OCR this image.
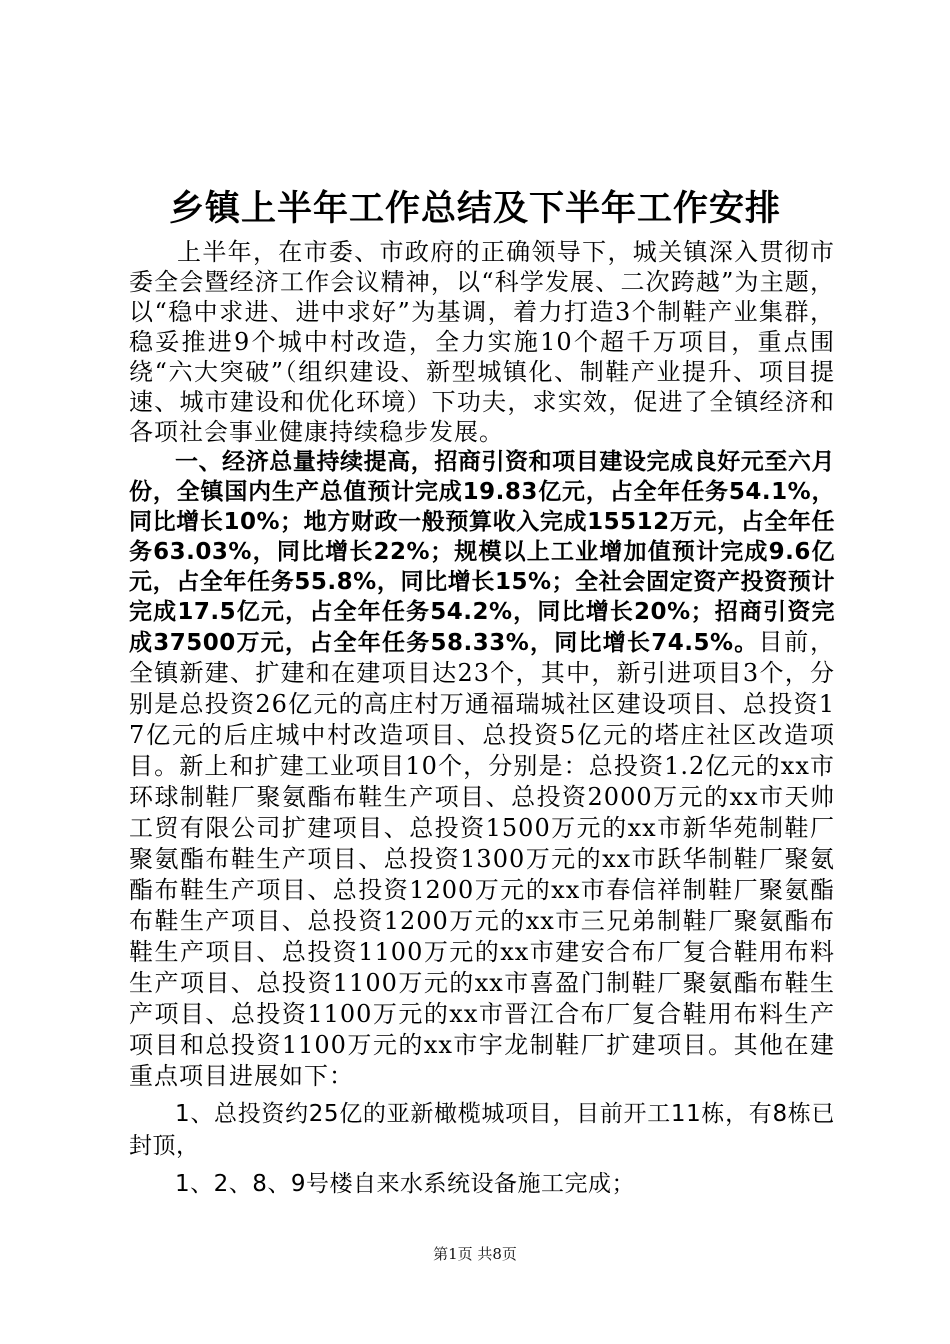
乡镇上半年工作总结及下半年工作安排

上半年，在市委、市政府的正确领导下，城关镇深入贯彻市委全会暨经济工作会议精神，以“科学发展、二次跨越”为主题，以“稳中求进、进中求好”为基调，着力打造3个制鞋产业集群，稳妥推进9个城中村改造，全力实施10个超千万项目，重点围绕“六大突破”（组织建设、新型城镇化、制鞋产业提升、项目提速、城市建设和优化环境）下功夫，求实效，促进了全镇经济和各项社会事业健康持续稳步发展。

一、经济总量持续提高，招商引资和项目建设完成良好元至六月份，全镇国内生产总值预计完成19.83亿元，占全年任务54.1%，同比增长10%；地方财政一般预算收入完成15512万元，占全年任务63.03%，同比增长22%；规模以上工业增加值预计完成9.6亿元，占全年任务55.8%，同比增长15%；全社会固定资产投资预计完成17.5亿元，占全年任务54.2%，同比增长20%；招商引资完成37500万元，占全年任务58.33%，同比增长74.5%。目前，全镇新建、扩建和在建项目达23个，其中，新引进项目3个，分别是总投资26亿元的高庄村万通福瑞城社区建设项目、总投资17亿元的后庄城中村改造项目、总投资5亿元的塔庄社区改造项目。新上和扩建工业项目10个，分别是：总投资1.2亿元的xx市环球制鞋厂聚氨酯布鞋生产项目、总投资2000万元的xx市天帅工贸有限公司扩建项目、总投资1500万元的xx市新华苑制鞋厂聚氨酯布鞋生产项目、总投资1300万元的xx市跃华制鞋厂聚氨酯布鞋生产项目、总投资1200万元的xx市春信祥制鞋厂聚氨酯布鞋生产项目、总投资1200万元的xx市三兄弟制鞋厂聚氨酯布鞋生产项目、总投资1100万元的xx市建安合布厂复合鞋用布料生产项目、总投资1100万元的xx市喜盈门制鞋厂聚氨酯布鞋生产项目、总投资1100万元的xx市晋江合布厂复合鞋用布料生产项目和总投资1100万元的xx市宇龙制鞋厂扩建项目。其他在建重点项目进展如下：

1、总投资约25亿的亚新橄榄城项目，目前开工11栋，有8栋已封顶，

1、2、8、9号楼自来水系统设备施工完成；

第1页 共8页
